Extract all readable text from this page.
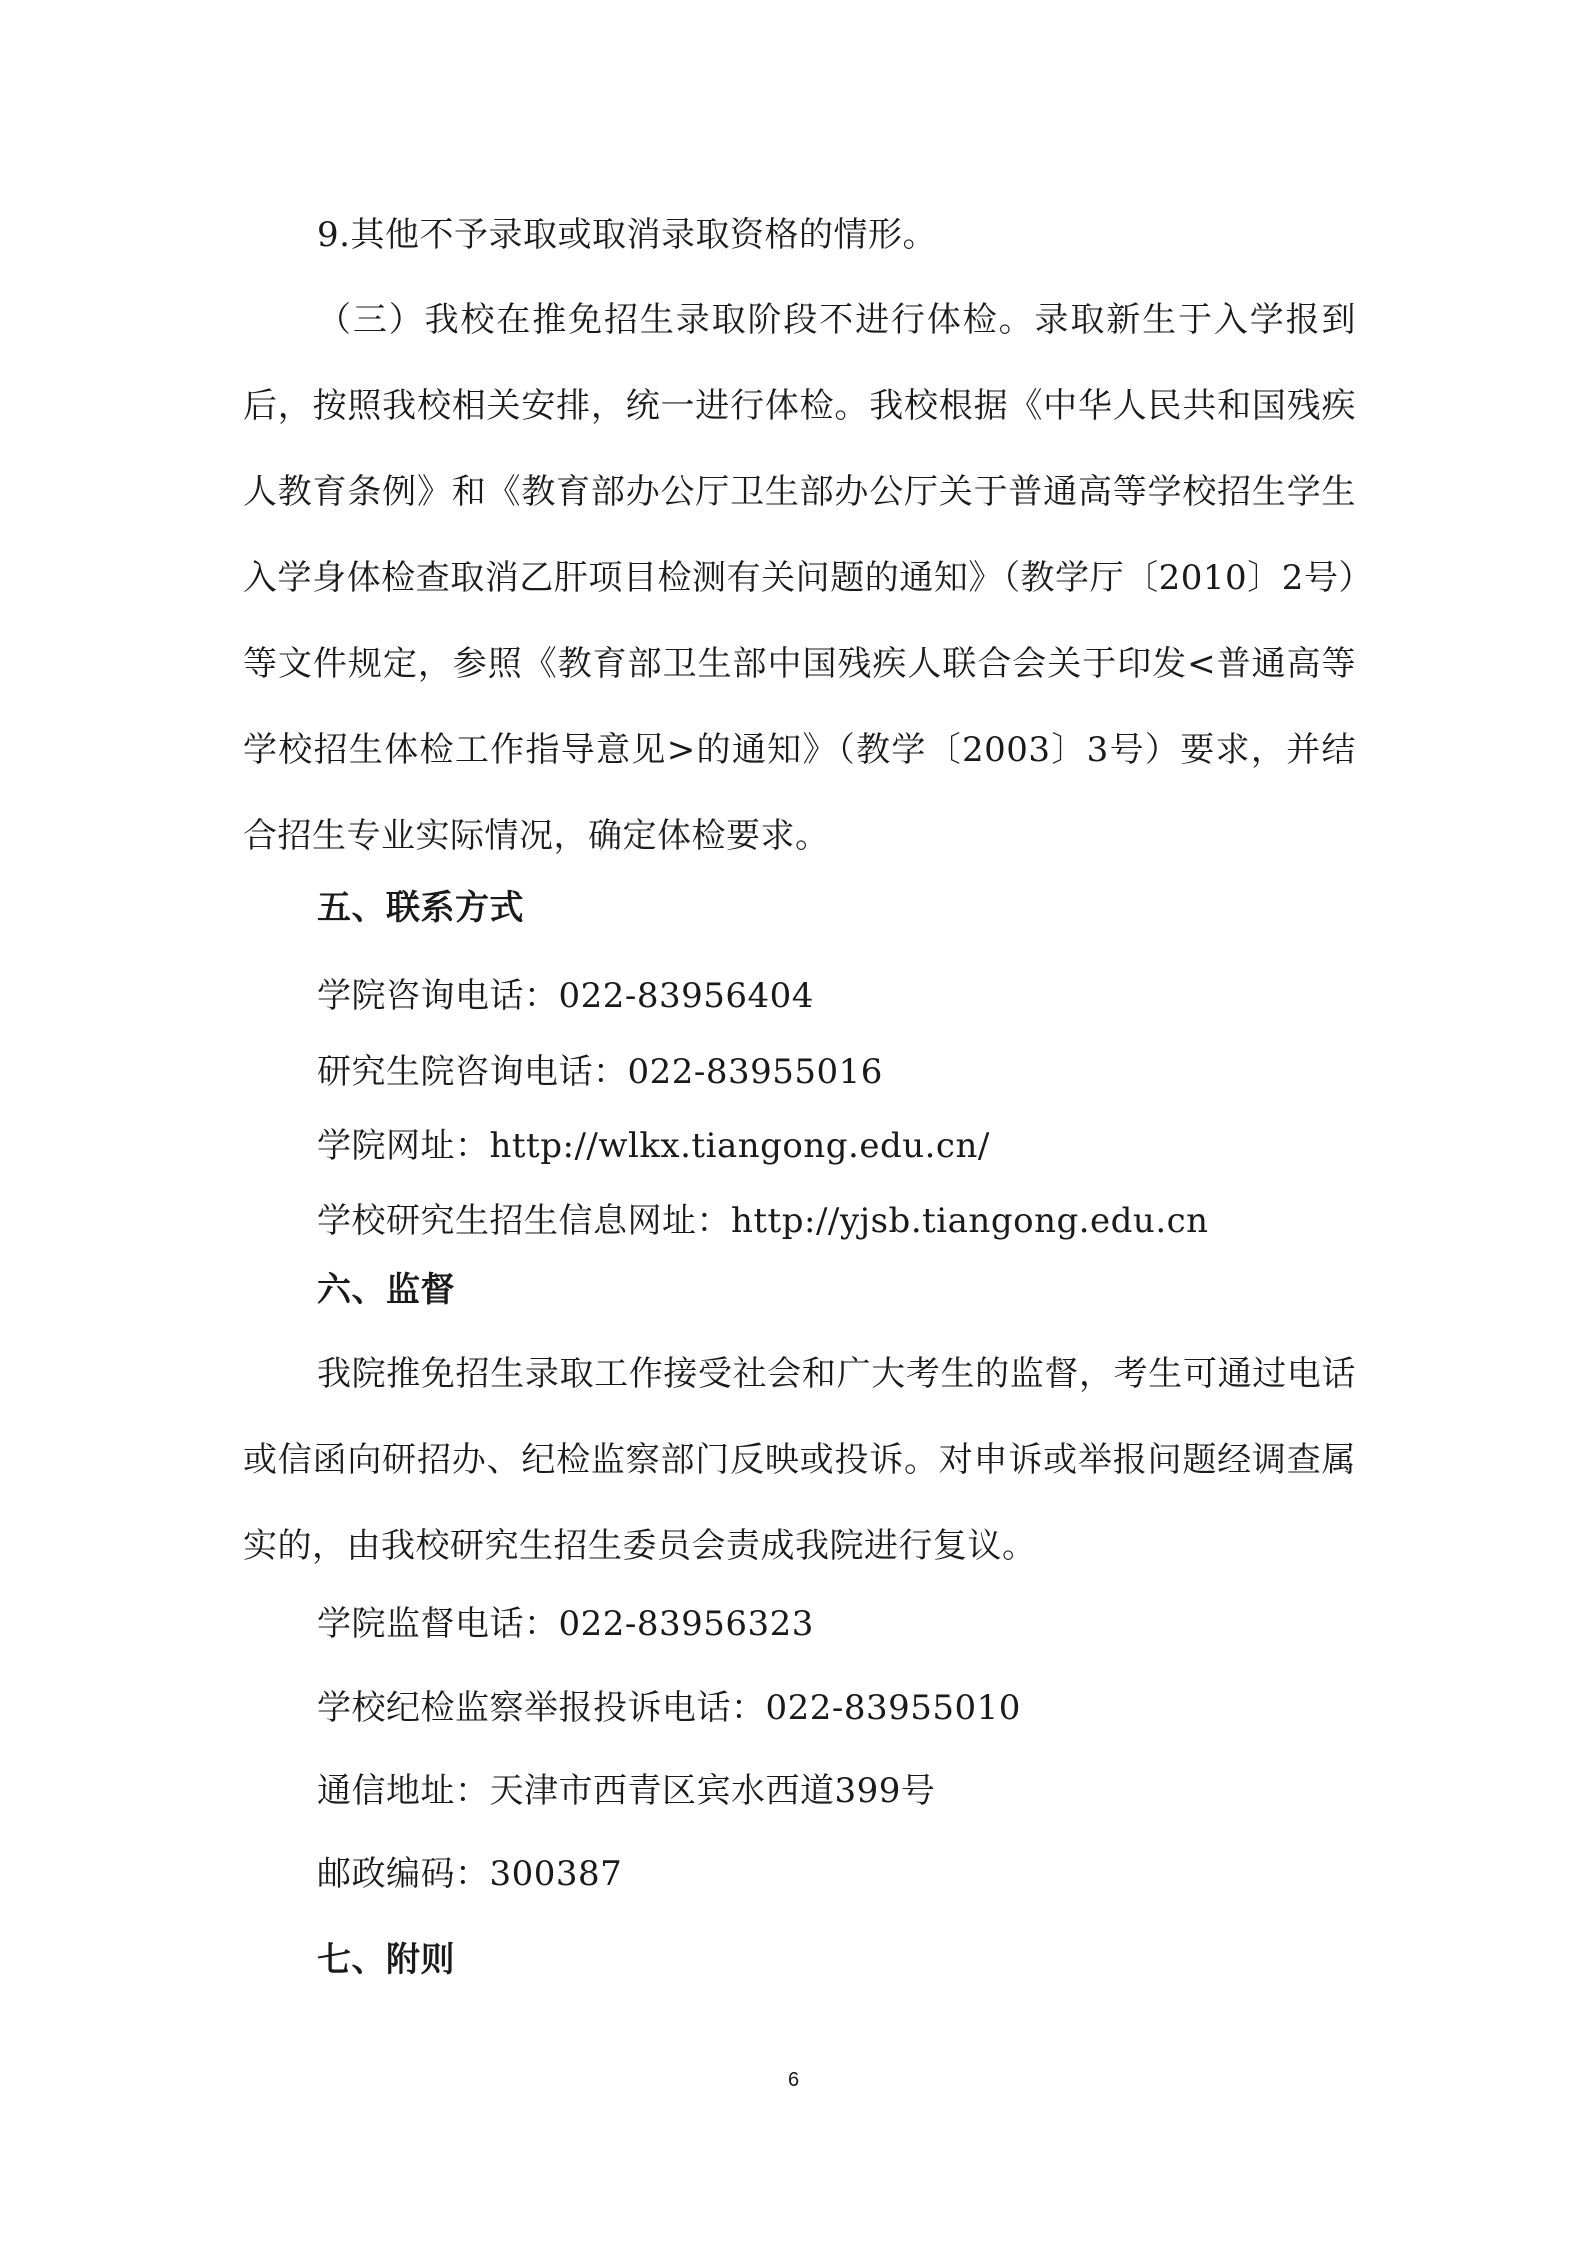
9.其他不予录取或取消录取资格的情形。
（三）我校在推免招生录取阶段不进行体检。录取新生于入学报到后，按照我校相关安排，统一进行体检。我校根据《中华人民共和国残疾人教育条例》和《教育部办公厅卫生部办公厅关于普通高等学校招生学生入学身体检查取消乙肝项目检测有关问题的通知》（教学厅〔2010〕2号）等文件规定，参照《教育部卫生部中国残疾人联合会关于印发<普通高等学校招生体检工作指导意见>的通知》（教学〔2003〕3号）要求，并结合招生专业实际情况，确定体检要求。
五、联系方式
学院咨询电话：022-83956404
研究生院咨询电话：022-83955016
学院网址：http://wlkx.tiangong.edu.cn/
学校研究生招生信息网址：http://yjsb.tiangong.edu.cn
六、监督
我院推免招生录取工作接受社会和广大考生的监督，考生可通过电话或信函向研招办、纪检监察部门反映或投诉。对申诉或举报问题经调查属实的，由我校研究生招生委员会责成我院进行复议。
学院监督电话：022-83956323
学校纪检监察举报投诉电话：022-83955010
通信地址：天津市西青区宾水西道399号
邮政编码：300387
七、附则
6
